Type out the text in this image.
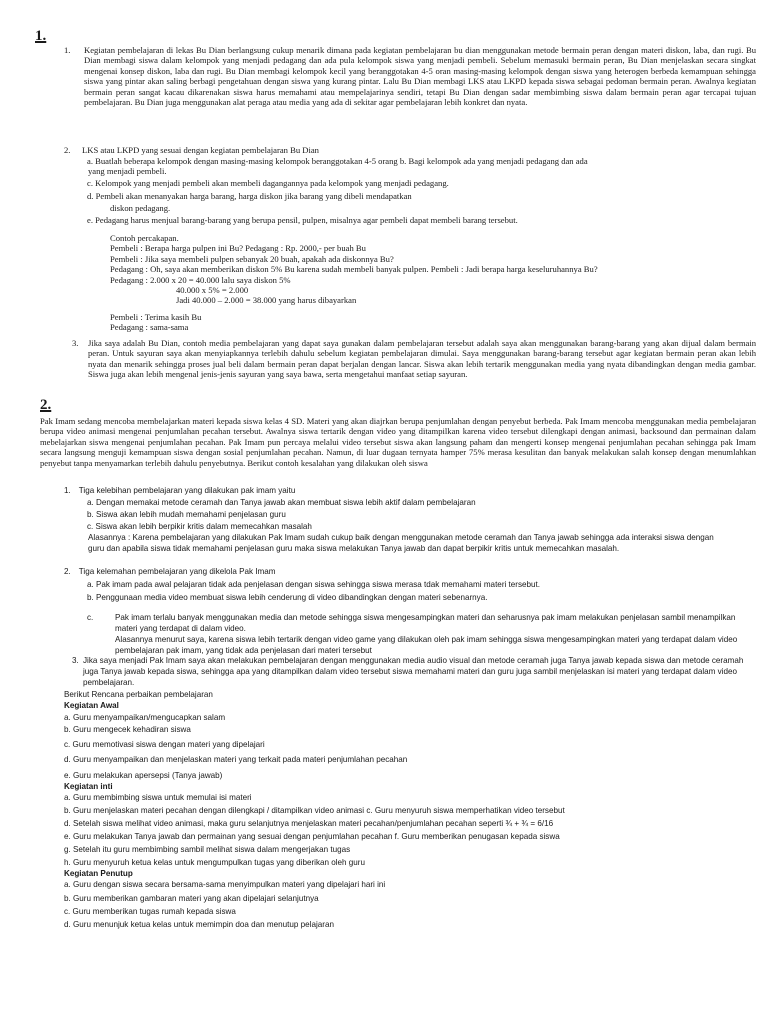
1.
1. Kegiatan pembelajaran di lekas Bu Dian berlangsung cukup menarik dimana pada kegiatan pembelajaran bu dian menggunakan metode bermain peran dengan materi diskon, laba, dan rugi. Bu Dian membagi siswa dalam kelompok yang menjadi pedagang dan ada pula kelompok siswa yang menjadi pembeli. Sebelum memasuki bermain peran, Bu Dian menjelaskan secara singkat mengenai konsep diskon, laba dan rugi. Bu Dian membagi kelompok kecil yang beranggotakan 4-5 oran masing-masing kelompok dengan siswa yang heterogen berbeda kemampuan sehingga siswa yang pintar akan saling berbagi pengetahuan dengan siswa yang kurang pintar. Lalu Bu Dian membagi LKS atau LKPD kepada siswa sebagai pedoman bermain peran. Awalnya kegiatan bermain peran sangat kacau dikarenakan siswa harus memahami atau mempelajarinya sendiri, tetapi Bu Dian dengan sadar membimbing siswa dalam bermain peran agar tercapai tujuan pembelajaran. Bu Dian juga menggunakan alat peraga atau media yang ada di sekitar agar pembelajaran lebih konkret dan nyata.
2. LKS atau LKPD yang sesuai dengan kegiatan pembelajaran Bu Dian
a. Buatlah beberapa kelompok dengan masing-masing kelompok beranggotakan 4-5 orang b. Bagi kelompok ada yang menjadi pedagang dan ada
yang menjadi pembeli.
c. Kelompok yang menjadi pembeli akan membeli dagangannya pada kelompok yang menjadi pedagang.
d. Pembeli akan menanyakan harga barang, harga diskon jika barang yang dibeli mendapatkan
diskon pedagang.
e. Pedagang harus menjual barang-barang yang berupa pensil, pulpen, misalnya agar pembeli dapat membeli barang tersebut.
Contoh percakapan.
Pembeli : Berapa harga pulpen ini Bu? Pedagang : Rp. 2000,- per buah Bu
Pembeli : Jika saya membeli pulpen sebanyak 20 buah, apakah ada diskonnya Bu?
Pedagang : Oh, saya akan memberikan diskon 5% Bu karena sudah membeli banyak pulpen. Pembeli : Jadi berapa harga keseluruhannya Bu?
Pedagang : 2.000 x 20 = 40.000 lalu saya diskon 5%
40.000 x 5% = 2.000
Jadi 40.000 – 2.000 = 38.000 yang harus dibayarkan
Pembeli : Terima kasih Bu
Pedagang : sama-sama
3. Jika saya adalah Bu Dian, contoh media pembelajaran yang dapat saya gunakan dalam pembelajaran tersebut adalah saya akan menggunakan barang-barang yang akan dijual dalam bermain peran. Untuk sayuran saya akan menyiapkannya terlebih dahulu sebelum kegiatan pembelajaran dimulai. Saya menggunakan barang-barang tersebut agar kegiatan bermain peran akan lebih nyata dan menarik sehingga proses jual beli dalam bermain peran dapat berjalan dengan lancar. Siswa akan lebih tertarik menggunakan media yang nyata dibandingkan dengan media gambar. Siswa juga akan lebih mengenal jenis-jenis sayuran yang saya bawa, serta mengetahui manfaat setiap sayuran.
2.
Pak Imam sedang mencoba membelajarkan materi kepada siswa kelas 4 SD. Materi yang akan diajrkan berupa penjumlahan dengan penyebut berbeda. Pak Imam mencoba menggunakan media pembelajaran berupa video animasi mengenai penjumlahan pecahan tersebut. Awalnya siswa tertarik dengan video yang ditampilkan karena video tersebut dilengkapi dengan animasi, backsound dan permainan dalam mebelajarkan siswa mengenai penjumlahan pecahan. Pak Imam pun percaya melalui video tersebut siswa akan langsung paham dan mengerti konsep mengenai penjumlahan pecahan sehingga pak Imam secara langsung menguji kemampuan siswa dengan sosial penjumlahan pecahan. Namun, di luar dugaan ternyata hamper 75% merasa kesulitan dan banyak melakukan salah konsep dengan menumlahkan penyebut tanpa menyamarkan terlebih dahulu penyebutnya. Berikut contoh kesalahan yang dilakukan oleh siswa
1. Tiga kelebihan pembelajaran yang dilakukan pak imam yaitu
a. Dengan memakai metode ceramah dan Tanya jawab akan membuat siswa lebih aktif dalam pembelajaran
b. Siswa akan lebih mudah memahami penjelasan guru
c. Siswa akan lebih berpikir kritis dalam memecahkan masalah
Alasannya : Karena pembelajaran yang dilakukan Pak Imam sudah cukup baik dengan menggunakan metode ceramah dan Tanya jawab sehingga ada interaksi siswa dengan guru dan apabila siswa tidak memahami penjelasan guru maka siswa melakukan Tanya jawab dan dapat berpikir kritis untuk memecahkan masalah.
2. Tiga kelemahan pembelajaran yang dikelola Pak Imam
a. Pak imam pada awal pelajaran tidak ada penjelasan dengan siswa sehingga siswa merasa tdak memahami materi tersebut.
b. Penggunaan media video membuat siswa lebih cenderung di video dibandingkan dengan materi sebenarnya.
c.	Pak imam terlalu banyak menggunakan media dan metode sehingga siswa mengesampingkan materi dan seharusnya pak imam melakukan penjelasan sambil menampilkan materi yang terdapat di dalam video.
Alasannya menurut saya, karena siswa lebih tertarik dengan video game yang dilakukan oleh pak imam sehingga siswa mengesampingkan materi yang terdapat dalam video pembelajaran pak imam, yang tidak ada penjelasan dari materi tersebut
3. Jika saya menjadi Pak Imam saya akan melakukan pembelajaran dengan menggunakan media audio visual dan metode ceramah juga Tanya jawab kepada siswa dan metode ceramah juga Tanya jawab kepada siswa, sehingga apa yang ditampilkan dalam video tersebut siswa memahami materi dan guru juga sambil menjelaskan isi materi yang terdapat dalam video pembelajaran.
Berikut Rencana perbaikan pembelajaran
Kegiatan Awal
a. Guru menyampaikan/mengucapkan salam
b. Guru mengecek kehadiran siswa
c. Guru memotivasi siswa dengan materi yang dipelajari
d. Guru menyampaikan dan menjelaskan materi yang terkait pada materi penjumlahan pecahan
e. Guru melakukan apersepsi (Tanya jawab)
Kegiatan inti
a. Guru membimbing siswa untuk memulai isi materi
b. Guru menjelaskan materi pecahan dengan dilengkapi / ditampilkan video animasi c. Guru menyuruh siswa memperhatikan video tersebut
d. Setelah siswa melihat video animasi, maka guru selanjutnya menjelaskan materi pecahan/penjumlahan pecahan seperti ¾ + ¾ = 6/16
e. Guru melakukan Tanya jawab dan permainan yang sesuai dengan penjumlahan pecahan f. Guru memberikan penugasan kepada siswa
g. Setelah itu guru membimbing sambil melihat siswa dalam mengerjakan tugas
h. Guru menyuruh ketua kelas untuk mengumpulkan tugas yang diberikan oleh guru
Kegiatan Penutup
a. Guru dengan siswa secara bersama-sama menyimpulkan materi yang dipelajari hari ini
b. Guru memberikan gambaran materi yang akan dipelajari selanjutnya
c. Guru memberikan tugas rumah kepada siswa
d. Guru menunjuk ketua kelas untuk memimpin doa dan menutup pelajaran
